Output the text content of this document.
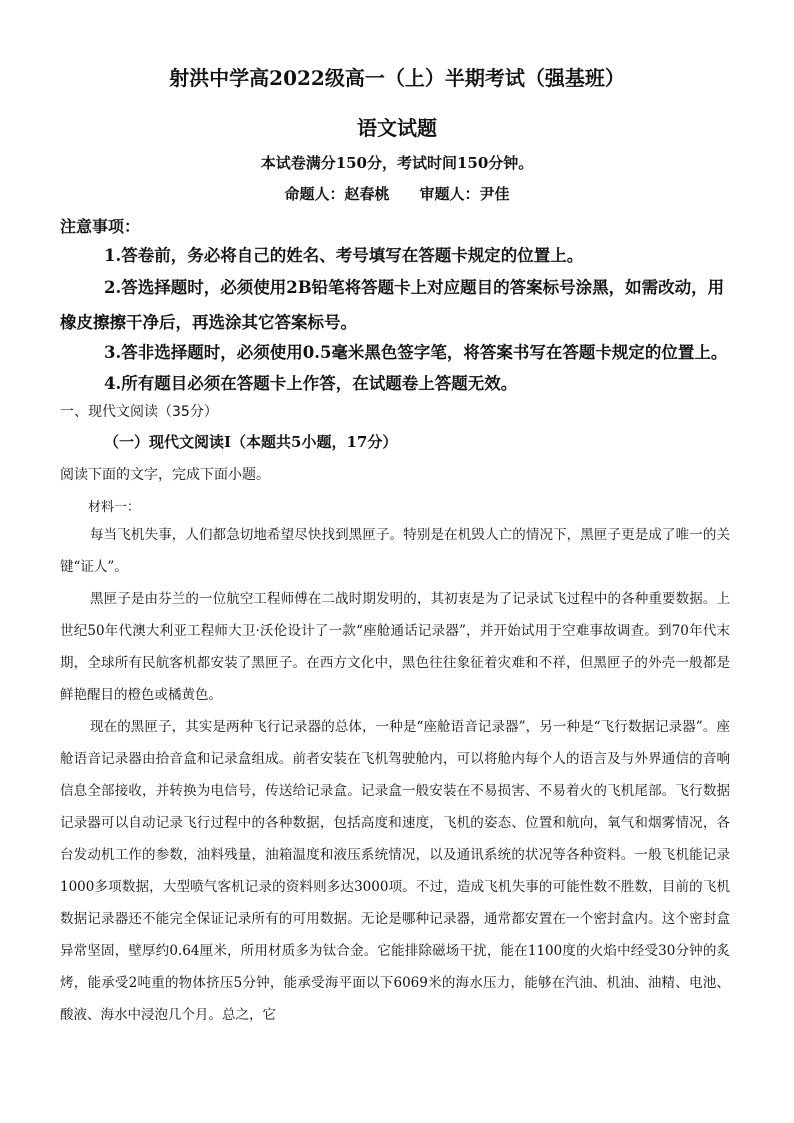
射洪中学高2022级高一（上）半期考试（强基班）
语文试题
本试卷满分150分，考试时间150分钟。
命题人：赵春桃　　审题人：尹佳
注意事项：
1.答卷前，务必将自己的姓名、考号填写在答题卡规定的位置上。
2.答选择题时，必须使用2B铅笔将答题卡上对应题目的答案标号涂黑，如需改动，用橡皮擦擦干净后，再选涂其它答案标号。
3.答非选择题时，必须使用0.5毫米黑色签字笔，将答案书写在答题卡规定的位置上。
4.所有题目必须在答题卡上作答，在试题卷上答题无效。
一、现代文阅读（35分）
（一）现代文阅读Ⅰ（本题共5小题，17分）
阅读下面的文字，完成下面小题。
材料一：
每当飞机失事，人们都急切地希望尽快找到黑匣子。特别是在机毁人亡的情况下，黑匣子更是成了唯一的关键“证人”。
黑匣子是由芬兰的一位航空工程师傅在二战时期发明的，其初衷是为了记录试飞过程中的各种重要数据。上世纪50年代澳大利亚工程师大卫·沃伦设计了一款“座舱通话记录器”，并开始试用于空难事故调查。到70年代末期，全球所有民航客机都安装了黑匣子。在西方文化中，黑色往往象征着灾难和不祥，但黑匣子的外壳一般都是鲜艳醒目的橙色或橘黄色。
现在的黑匣子，其实是两种飞行记录器的总体，一种是“座舱语音记录器”，另一种是“飞行数据记录器”。座舱语音记录器由拾音盒和记录盒组成。前者安装在飞机驾驶舱内，可以将舱内每个人的语言及与外界通信的音响信息全部接收，并转换为电信号，传送给记录盒。记录盒一般安装在不易损害、不易着火的飞机尾部。飞行数据记录器可以自动记录飞行过程中的各种数据，包括高度和速度，飞机的姿态、位置和航向，氧气和烟雾情况，各台发动机工作的参数，油料残量，油箱温度和液压系统情况，以及通讯系统的状况等各种资料。一般飞机能记录1000多项数据，大型喷气客机记录的资料则多达3000项。不过，造成飞机失事的可能性数不胜数，目前的飞机数据记录器还不能完全保证记录所有的可用数据。无论是哪种记录器，通常都安置在一个密封盒内。这个密封盒异常坚固，壁厚约0.64厘米，所用材质多为钛合金。它能排除磁场干扰，能在1100度的火焰中经受30分钟的炙烤，能承受2吨重的物体挤压5分钟，能承受海平面以下6069米的海水压力，能够在汽油、机油、油精、电池、酸液、海水中浸泡几个月。总之，它
